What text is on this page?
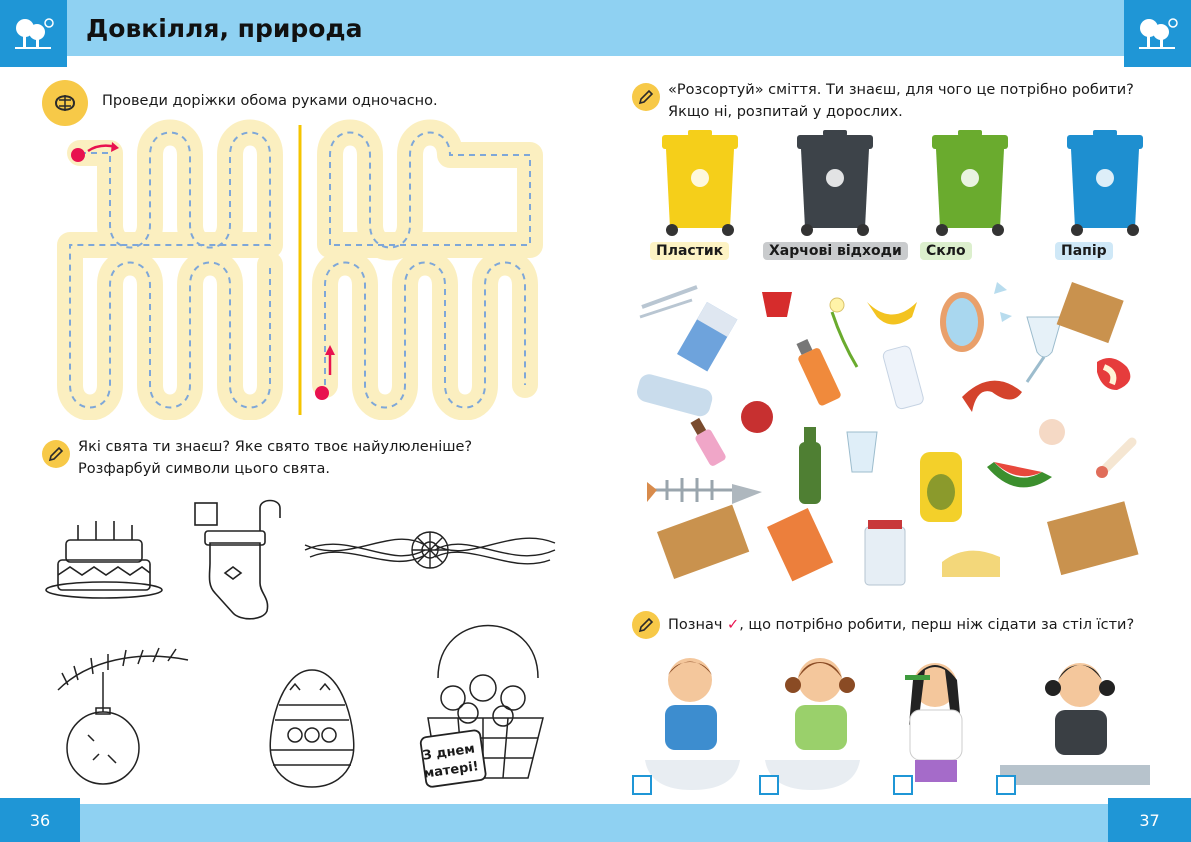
Довкілля, природа
Проведи доріжки обома руками одночасно.
Які свята ти знаєш? Яке свято твоє найулюленіше?
Розфарбуй символи цього свята.
З днем
матері!
«Розсортуй» сміття. Ти знаєш, для чого це потрібно робити?
Якщо ні, розпитай у дорослих.
Пластик	Харчові відходи	Скло	Папір
Познач ✓, що потрібно робити, перш ніж сідати за стіл їсти?
36	37
